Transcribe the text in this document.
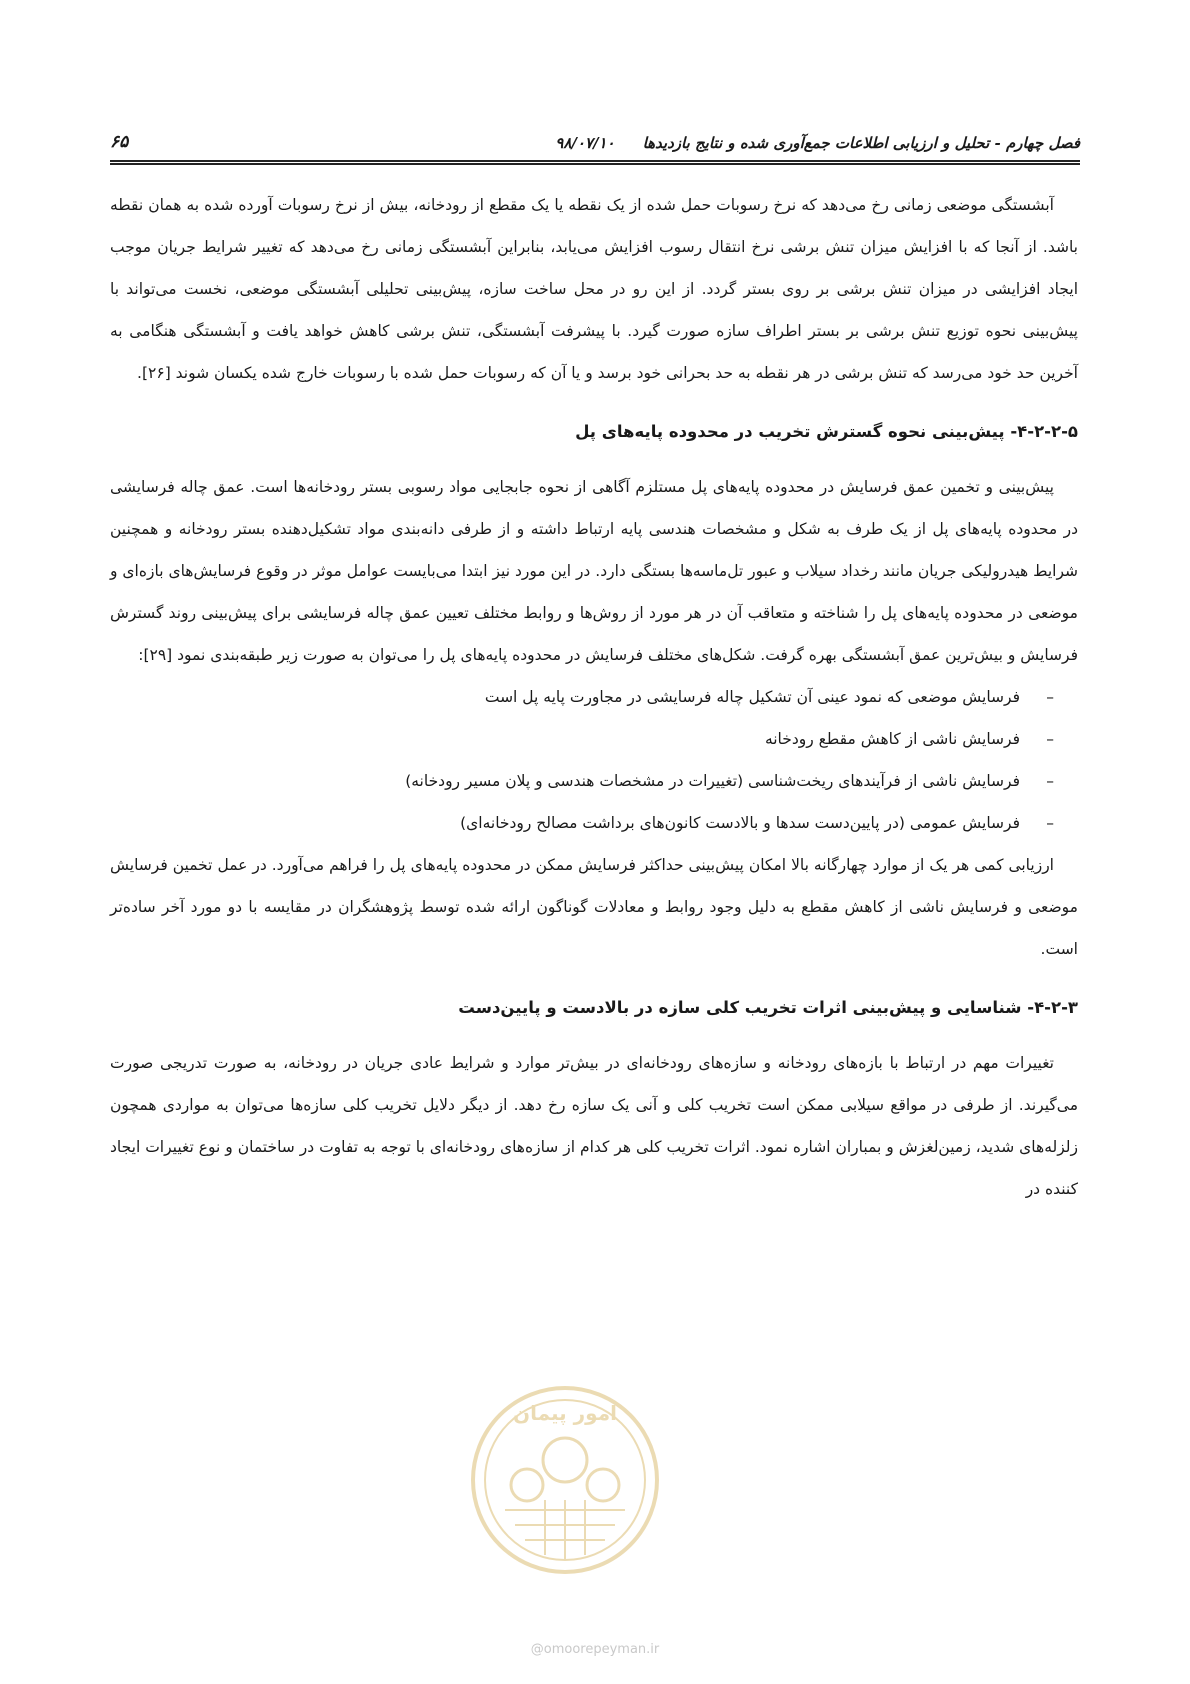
فصل چهارم - تحلیل و ارزیابی اطلاعات جمع‌آوری شده و نتایج بازدیدها
۹۸/۰۷/۱۰
۶۵

آبشستگی موضعی زمانی رخ می‌دهد که نرخ رسوبات حمل شده از یک نقطه یا یک مقطع از رودخانه، بیش از نرخ رسوبات آورده شده به همان نقطه باشد. از آنجا که با افزایش میزان تنش برشی نرخ انتقال رسوب افزایش می‌یابد، بنابراین آبشستگی زمانی رخ می‌دهد که تغییر شرایط جریان موجب ایجاد افزایشی در میزان تنش برشی بر روی بستر گردد. از این رو در محل ساخت سازه، پیش‌بینی تحلیلی آبشستگی موضعی، نخست می‌تواند با پیش‌بینی نحوه توزیع تنش برشی بر بستر اطراف سازه صورت گیرد. با پیشرفت آبشستگی، تنش برشی کاهش خواهد یافت و آبشستگی هنگامی به آخرین حد خود می‌رسد که تنش برشی در هر نقطه به حد بحرانی خود برسد و یا آن که رسوبات حمل شده با رسوبات خارج شده یکسان شوند [۲۶].

۴-۲-۲-۵- پیش‌بینی نحوه گسترش تخریب در محدوده پایه‌های پل

پیش‌بینی و تخمین عمق فرسایش در محدوده پایه‌های پل مستلزم آگاهی از نحوه جابجایی مواد رسوبی بستر رودخانه‌ها است. عمق چاله فرسایشی در محدوده پایه‌های پل از یک طرف به شکل و مشخصات هندسی پایه ارتباط داشته و از طرفی دانه‌بندی مواد تشکیل‌دهنده بستر رودخانه و همچنین شرایط هیدرولیکی جریان مانند رخداد سیلاب و عبور تل‌ماسه‌ها بستگی دارد. در این مورد نیز ابتدا می‌بایست عوامل موثر در وقوع فرسایش‌های بازه‌ای و موضعی در محدوده پایه‌های پل را شناخته و متعاقب آن در هر مورد از روش‌ها و روابط مختلف تعیین عمق چاله فرسایشی برای پیش‌بینی روند گسترش فرسایش و بیش‌ترین عمق آبشستگی بهره گرفت. شکل‌های مختلف فرسایش در محدوده پایه‌های پل را می‌توان به صورت زیر طبقه‌بندی نمود [۲۹]:

–فرسایش موضعی که نمود عینی آن تشکیل چاله فرسایشی در مجاورت پایه پل است
–فرسایش ناشی از کاهش مقطع رودخانه
–فرسایش ناشی از فرآیندهای ریخت‌شناسی (تغییرات در مشخصات هندسی و پلان مسیر رودخانه)
–فرسایش عمومی (در پایین‌دست سدها و بالادست کانون‌های برداشت مصالح رودخانه‌ای)

ارزیابی کمی هر یک از موارد چهارگانه بالا امکان پیش‌بینی حداکثر فرسایش ممکن در محدوده پایه‌های پل را فراهم می‌آورد. در عمل تخمین فرسایش موضعی و فرسایش ناشی از کاهش مقطع به دلیل وجود روابط و معادلات گوناگون ارائه شده توسط پژوهشگران در مقایسه با دو مورد آخر ساده‌تر است.

۴-۲-۳- شناسایی و پیش‌بینی اثرات تخریب کلی سازه در بالادست و پایین‌دست

تغییرات مهم در ارتباط با بازه‌های رودخانه و سازه‌های رودخانه‌ای در بیش‌تر موارد و شرایط عادی جریان در رودخانه، به صورت تدریجی صورت می‌گیرند. از طرفی در مواقع سیلابی ممکن است تخریب کلی و آنی یک سازه رخ دهد. از دیگر دلایل تخریب کلی سازه‌ها می‌توان به مواردی همچون زلزله‌های شدید، زمین‌لغزش و بمباران اشاره نمود. اثرات تخریب کلی هر کدام از سازه‌های رودخانه‌ای با توجه به تفاوت در ساختمان و نوع تغییرات ایجاد کننده در

امور پیمان
@omoorepeyman.ir
